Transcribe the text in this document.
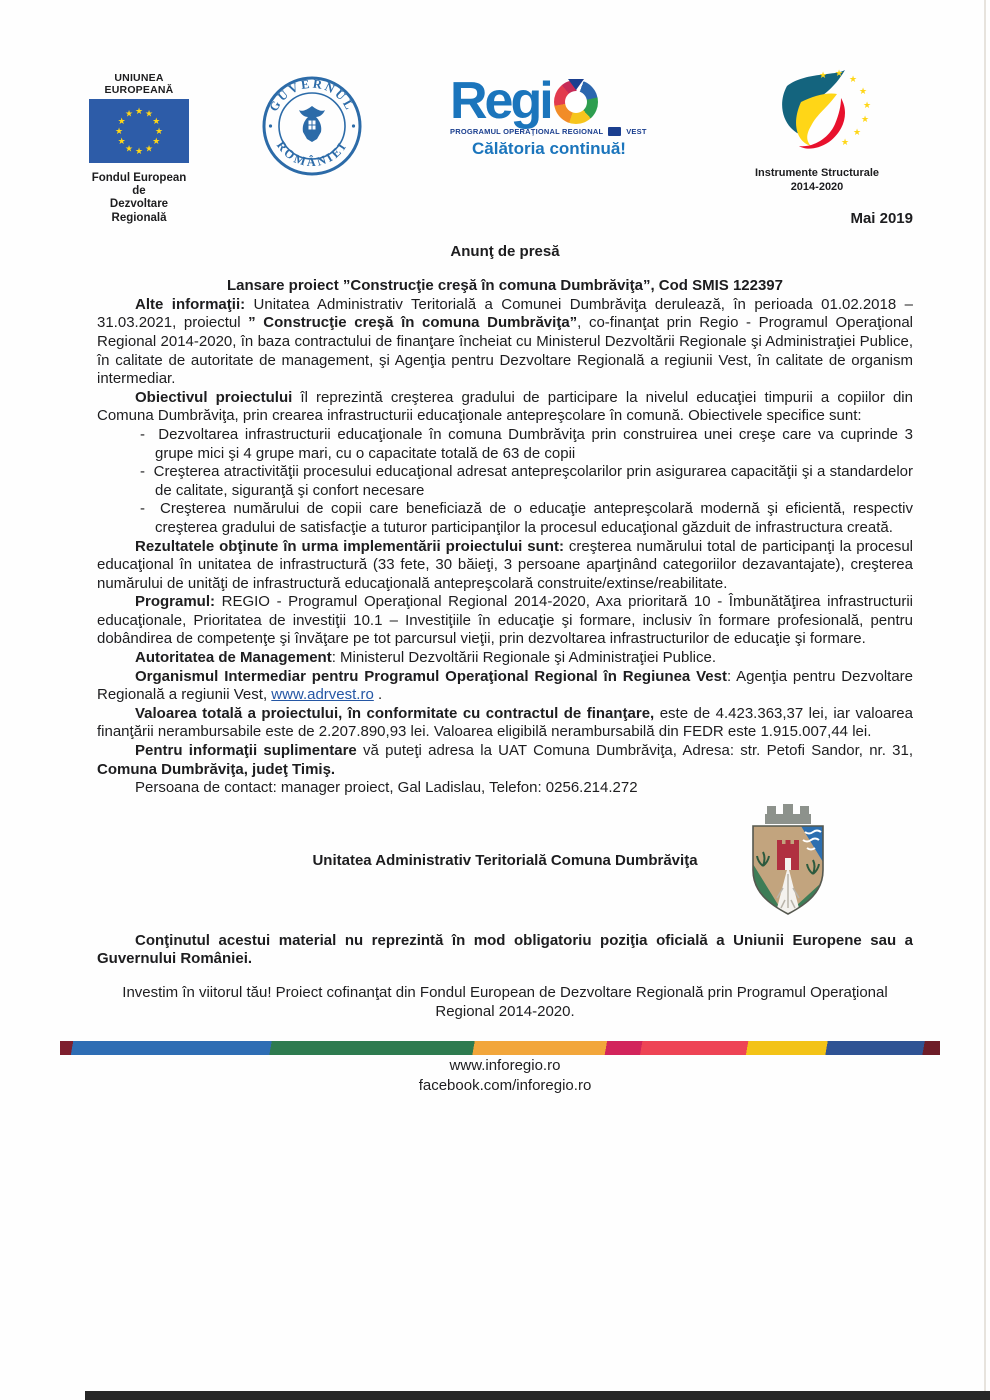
UNIUNEA EUROPEANĂ
★ ★
★
★
★
★
★
★
★
★
★
★
Fondul European de
Dezvoltare Regională
GUVERNUL
ROMÂNIEI
Regi
PROGRAMUL OPERAŢIONAL REGIONAL	VEST
Călătoria continuă!
★ ★
★
★
★
★
★
★
Instrumente Structurale
2014-2020
Mai 2019
Anunţ de presă
Lansare proiect ”Construcţie creşă în comuna Dumbrăviţa”, Cod SMIS 122397

Alte informaţii: Unitatea Administrativ Teritorială a Comunei Dumbrăviţa derulează, în perioada 01.02.2018 – 31.03.2021, proiectul ” Construcţie creşă în comuna Dumbrăviţa”, co-finanţat prin Regio - Programul Operaţional Regional 2014-2020, în baza contractului de finanţare încheiat cu Ministerul Dezvoltării Regionale şi Administraţiei Publice, în calitate de autoritate de management, şi Agenţia pentru Dezvoltare Regională a regiunii Vest, în calitate de organism intermediar.

Obiectivul proiectului îl reprezintă creşterea gradului de participare la nivelul educaţiei timpurii a copiilor din Comuna Dumbrăviţa, prin crearea infrastructurii educaţionale antepreşcolare în comună. Obiectivele specifice sunt:

- Dezvoltarea infrastructurii educaţionale în comuna Dumbrăviţa prin construirea unei creşe care va cuprinde 3 grupe mici şi 4 grupe mari, cu o capacitate totală de 63 de copii
- Creşterea atractivităţii procesului educaţional adresat antepreşcolarilor prin asigurarea capacităţii şi a standardelor de calitate, siguranţă şi confort necesare
- Creşterea numărului de copii care beneficiază de o educaţie antepreşcolară modernă şi eficientă, respectiv creşterea gradului de satisfacţie a tuturor participanţilor la procesul educaţional găzduit de infrastructura creată.

Rezultatele obţinute în urma implementării proiectului sunt: creşterea numărului total de participanţi la procesul educaţional în unitatea de infrastructură (33 fete, 30 băieţi, 3 persoane aparţinând categoriilor dezavantajate), creşterea numărului de unităţi de infrastructură educaţională antepreşcolară construite/extinse/reabilitate.

Programul: REGIO - Programul Operaţional Regional 2014-2020, Axa prioritară 10 - Îmbunătăţirea infrastructurii educaţionale, Prioritatea de investiţii 10.1 – Investiţiile în educaţie şi formare, inclusiv în formare profesională, pentru dobândirea de competenţe şi învăţare pe tot parcursul vieţii, prin dezvoltarea infrastructurilor de educaţie şi formare.

Autoritatea de Management: Ministerul Dezvoltării Regionale şi Administraţiei Publice.

Organismul Intermediar pentru Programul Operaţional Regional în Regiunea Vest: Agenţia pentru Dezvoltare Regională a regiunii Vest, www.adrvest.ro .

Valoarea totală a proiectului, în conformitate cu contractul de finanţare, este de 4.423.363,37 lei, iar valoarea finanţării nerambursabile este de 2.207.890,93 lei. Valoarea eligibilă nerambursabilă din FEDR este 1.915.007,44 lei.

Pentru informaţii suplimentare vă puteţi adresa la UAT Comuna Dumbrăviţa, Adresa: str. Petofi Sandor, nr. 31, Comuna Dumbrăviţa, judeţ Timiş.

Persoana de contact: manager proiect, Gal Ladislau, Telefon: 0256.214.272

Unitatea Administrativ Teritorială Comuna Dumbrăviţa

Conţinutul acestui material nu reprezintă în mod obligatoriu poziţia oficială a Uniunii Europene sau a Guvernului României.

Investim în viitorul tău! Proiect cofinanţat din Fondul European de Dezvoltare Regională prin Programul Operaţional Regional 2014-2020.

www.inforegio.ro
facebook.com/inforegio.ro
